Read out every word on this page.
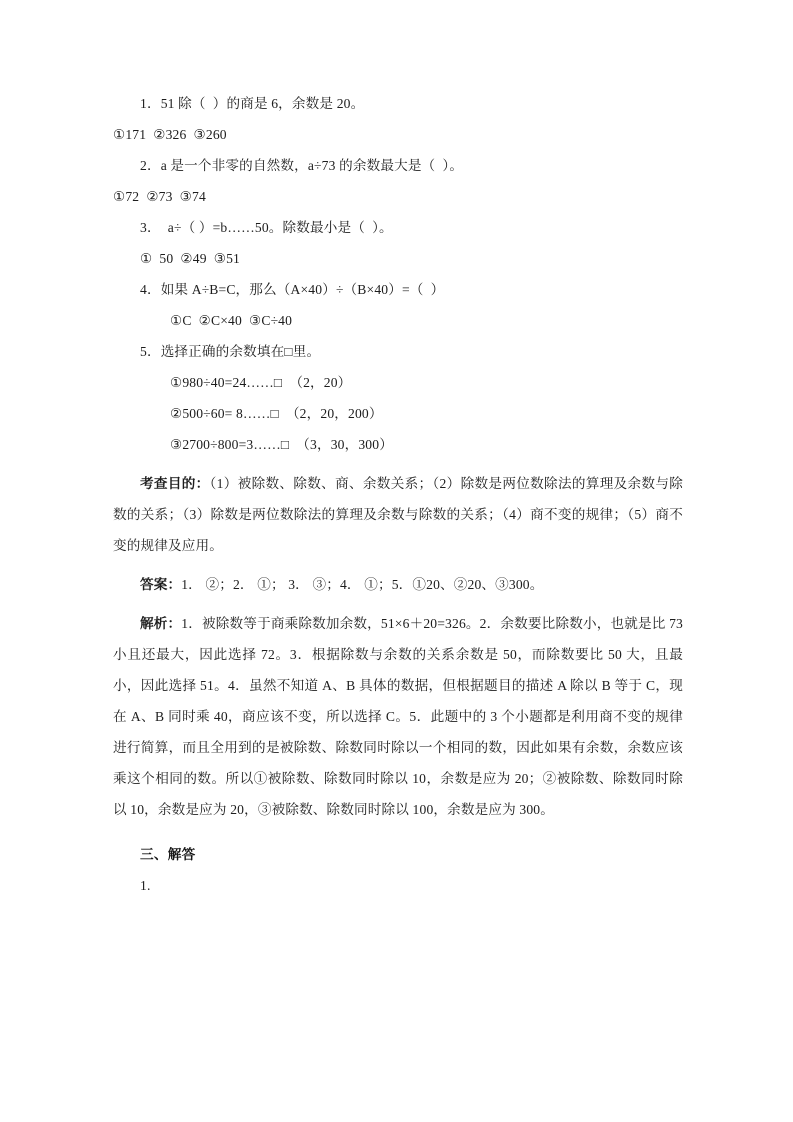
1．51 除（  ）的商是 6，余数是 20。
①171  ②326  ③260
2．a 是一个非零的自然数，a÷73 的余数最大是（  ）。
①72  ②73  ③74
3．  a÷（ ）=b……50。除数最小是（  ）。
①  50  ②49  ③51
4．如果 A÷B=C，那么（A×40）÷（B×40）=（  ）
①C  ②C×40  ③C÷40
5．选择正确的余数填在□里。
①980÷40=24……□  （2，20）
②500÷60= 8……□  （2，20，200）
③2700÷800=3……□  （3，30，300）
考查目的：（1）被除数、除数、商、余数关系；（2）除数是两位数除法的算理及余数与除数的关系；（3）除数是两位数除法的算理及余数与除数的关系；（4）商不变的规律；（5）商不变的规律及应用。
答案：1． ②；2． ①； 3． ③；4． ①；5．①20、②20、③300。
解析：1．被除数等于商乘除数加余数，51×6＋20=326。2．余数要比除数小，也就是比 73 小且还最大，因此选择 72。3．根据除数与余数的关系余数是 50，而除数要比 50 大，且最小，因此选择 51。4．虽然不知道 A、B 具体的数据，但根据题目的描述 A 除以 B 等于 C，现在 A、B 同时乘 40，商应该不变，所以选择 C。5．此题中的 3 个小题都是利用商不变的规律进行简算，而且全用到的是被除数、除数同时除以一个相同的数，因此如果有余数，余数应该乘这个相同的数。所以①被除数、除数同时除以 10，余数是应为 20；②被除数、除数同时除以 10，余数是应为 20，③被除数、除数同时除以 100，余数是应为 300。
三、解答
1.
